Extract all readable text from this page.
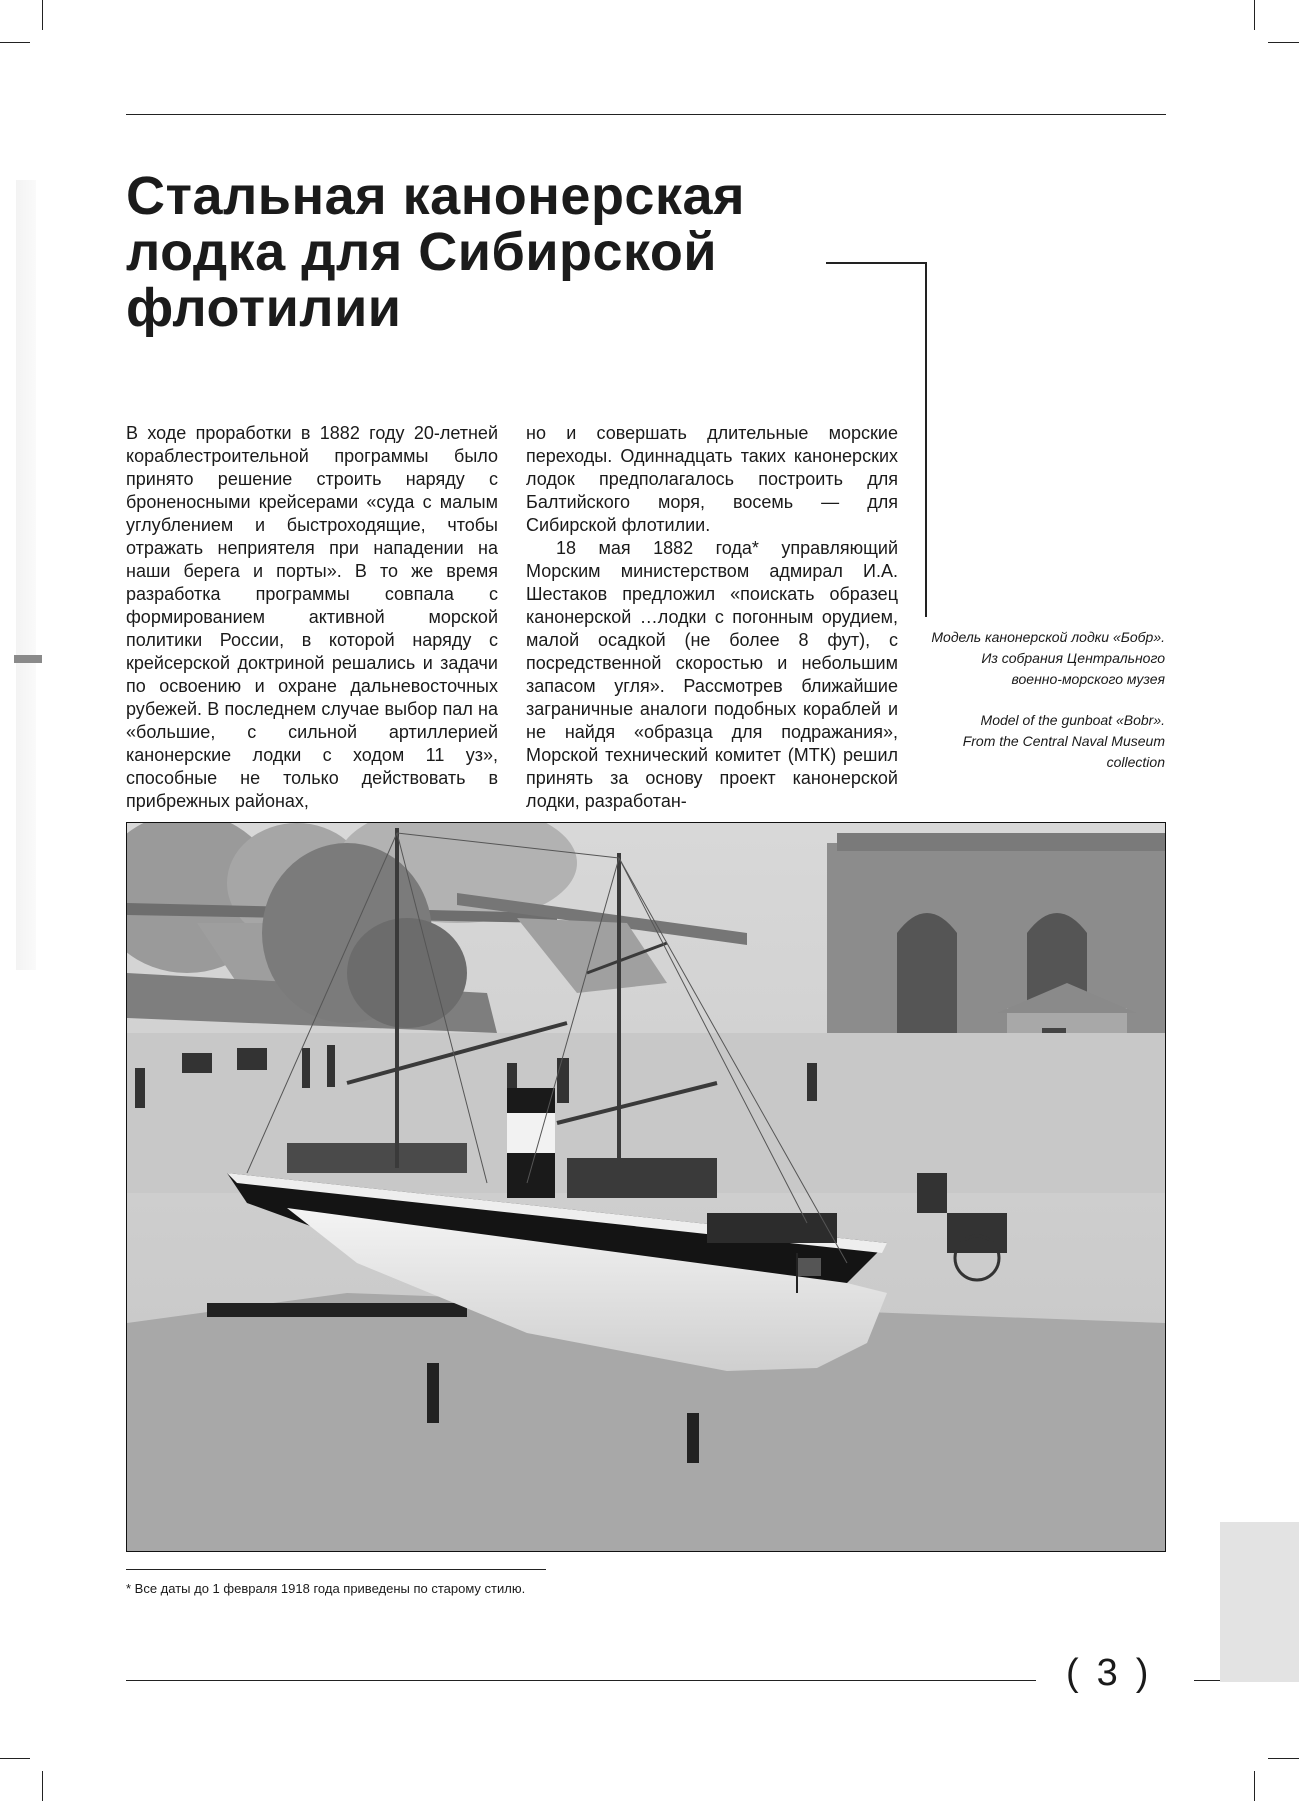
Стальная канонерская
лодка для Сибирской
флотилии

В ходе проработки в 1882 году 20-летней кораблестроительной программы было принято решение строить наряду с броненосными крейсерами «суда с малым углублением и быстроходящие, чтобы отражать неприятеля при нападении на наши берега и порты». В то же время разработка программы совпала с формированием активной морской политики России, в которой наряду с крейсерской доктриной решались и задачи по освоению и охране дальневосточных рубежей. В последнем случае выбор пал на «большие, с сильной артиллерией канонерские лодки с ходом 11 уз», способные не только действовать в прибрежных районах,

но и совершать длительные морские переходы. Одиннадцать таких канонерских лодок предполагалось построить для Балтийского моря, восемь — для Сибирской флотилии.

18 мая 1882 года* управляющий Морским министерством адмирал И.А. Шестаков предложил «поискать образец канонерской …лодки с погонным орудием, малой осадкой (не более 8 фут), с посредственной скоростью и небольшим запасом угля». Рассмотрев ближайшие заграничные аналоги подобных кораблей и не найдя «образца для подражания», Морской технический комитет (МТК) решил принять за основу проект канонерской лодки, разработан-

Модель канонерской лодки «Бобр».

Из собрания Центрального

военно-морского музея

Model of the gunboat «Bobr».

From the Central Naval Museum

collection

* Все даты до 1 февраля 1918 года приведены по старому стилю.
(3)
